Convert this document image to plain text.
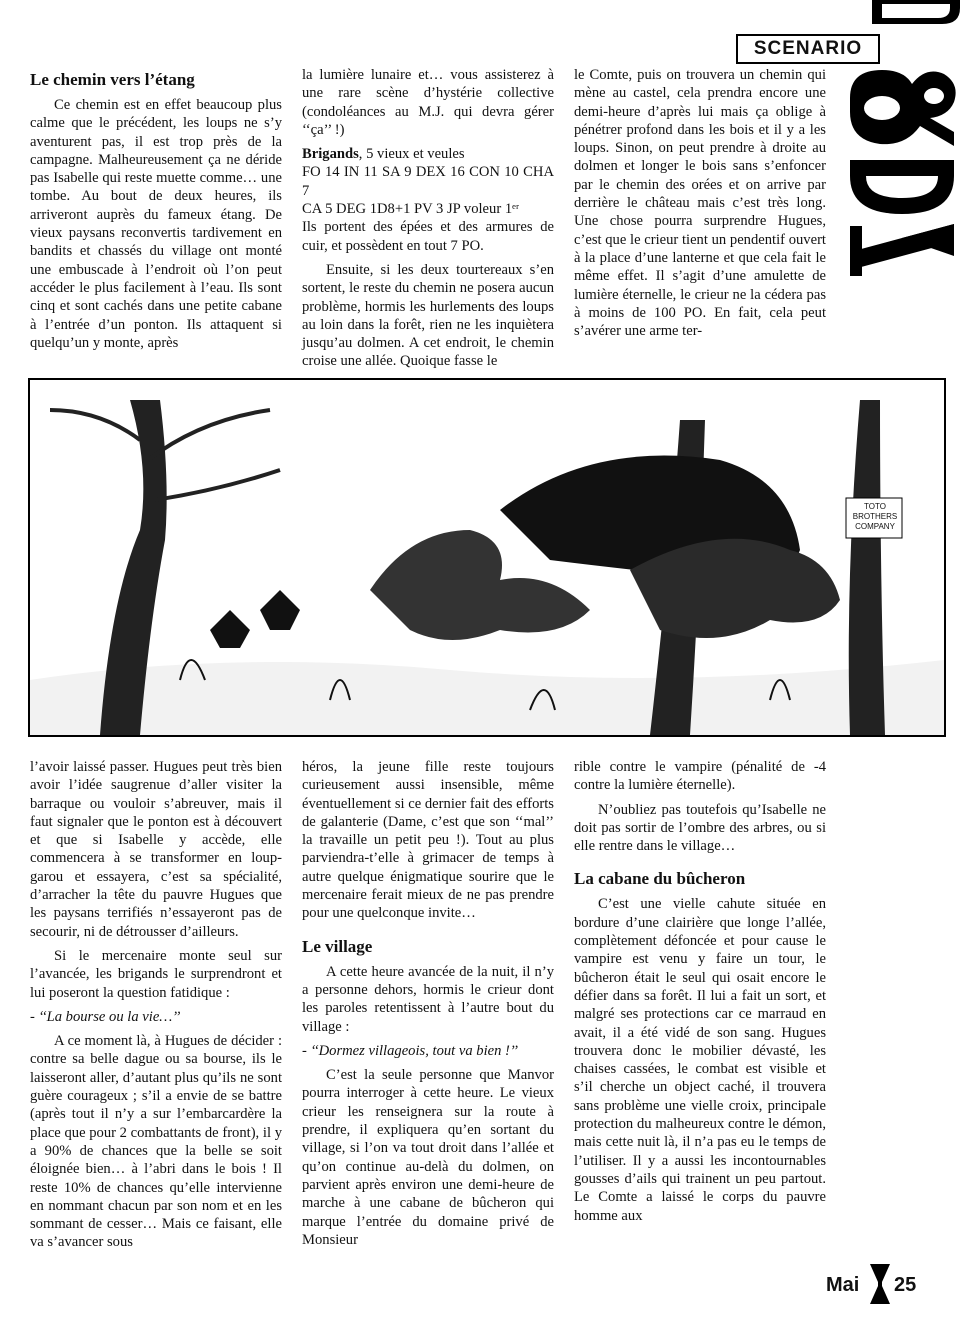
SCENARIO
Le chemin vers l’étang

Ce chemin est en effet beaucoup plus calme que le précédent, les loups ne s’y aventurent pas, il est trop près de la campagne. Malheureusement ça ne déride pas Isabelle qui reste muette comme… une tombe. Au bout de deux heures, ils arriveront auprès du fameux étang. De vieux paysans reconvertis tardivement en bandits et chassés du village ont monté une embuscade à l’endroit où l’on peut accéder le plus facilement à l’eau. Ils sont cinq et sont cachés dans une petite cabane à l’entrée d’un ponton. Ils attaquent si quelqu’un y monte, après

la lumière lunaire et… vous assisterez à une rare scène d’hystérie collective (condoléances au M.J. qui devra gérer ‘‘ça’’ !)

Brigands, 5 vieux et veules

FO 14 IN 11 SA 9 DEX 16 CON 10 CHA 7

CA 5 DEG 1D8+1 PV 3 JP voleur 1ᵉʳ

Ils portent des épées et des armures de cuir, et possèdent en tout 7 PO.

Ensuite, si les deux tourtereaux s’en sortent, le reste du chemin ne posera aucun problème, hormis les hurlements des loups au loin dans la forêt, rien ne les inquiètera jusqu’au dolmen. A cet endroit, le chemin croise une allée. Quoique fasse le

le Comte, puis on trouvera un chemin qui mène au castel, cela prendra encore une demi-heure d’après lui mais ça oblige à pénétrer profond dans les bois et il y a les loups. Sinon, on peut prendre à droite au dolmen et longer le bois sans s’enfoncer par le chemin des orées et on arrive par derrière le château mais c’est très long. Une chose pourra surprendre Hugues, c’est que le crieur tient un pendentif ouvert à la place d’une lanterne et que cela fait le même effet. Il s’agit d’une amulette de lumière éternelle, le crieur ne la cédera pas à moins de 100 PO. En fait, cela peut s’avérer une arme ter-

TOTO BROTHERS COMPANY

l’avoir laissé passer. Hugues peut très bien avoir l’idée saugrenue d’aller visiter la barraque ou vouloir s’abreuver, mais il faut signaler que le ponton est à découvert et que si Isabelle y accède, elle commencera à se transformer en loup-garou et essayera, c’est sa spécialité, d’arracher la tête du pauvre Hugues que les paysans terrifiés n’essayeront pas de secourir, ni de détrousser d’ailleurs.

Si le mercenaire monte seul sur l’avancée, les brigands le surprendront et lui poseront la question fatidique :

- ‘‘La bourse ou la vie…’’

A ce moment là, à Hugues de décider : contre sa belle dague ou sa bourse, ils le laisseront aller, d’autant plus qu’ils ne sont guère courageux ; s’il a envie de se battre (après tout il n’y a sur l’embarcardère la place que pour 2 combattants de front), il y a 90% de chances que la belle se soit éloignée bien… à l’abri dans le bois ! Il reste 10% de chances qu’elle intervienne en nommant chacun par son nom et en les sommant de cesser… Mais ce faisant, elle va s’avancer sous

héros, la jeune fille reste toujours curieusement aussi insensible, même éventuellement si ce dernier fait des efforts de galanterie (Dame, c’est que son ‘‘mal’’ la travaille un petit peu !). Tout au plus parviendra-t’elle à grimacer de temps à autre quelque énigmatique sourire que le mercenaire ferait mieux de ne pas prendre pour une quelconque invite…

Le village

A cette heure avancée de la nuit, il n’y a personne dehors, hormis le crieur dont les paroles retentissent à l’autre bout du village :

- ‘‘Dormez villageois, tout va bien !’’

C’est la seule personne que Manvor pourra interroger à cette heure. Le vieux crieur les renseignera sur la route à prendre, il expliquera qu’en sortant du village, si l’on va tout droit dans l’allée et qu’on continue au-delà du dolmen, on parvient après environ une demi-heure de marche à une cabane de bûcheron qui marque l’entrée du domaine privé de Monsieur

rible contre le vampire (pénalité de -4 contre la lumière éternelle).

N’oubliez pas toutefois qu’Isabelle ne doit pas sortir de l’ombre des arbres, ou si elle rentre dans le village…

La cabane du bûcheron

C’est une vielle cahute située en bordure d’une clairière que longe l’allée, complètement défoncée et pour cause le vampire est venu y faire un tour, le bûcheron était le seul qui osait encore le défier dans sa forêt. Il lui a fait un sort, et malgré ses protections car ce marraud en avait, il a été vidé de son sang. Hugues trouvera donc le mobilier dévasté, les chaises cassées, le combat est visible et s’il cherche un object caché, il trouvera sans problème une vielle croix, principale protection du malheureux contre le démon, mais cette nuit là, il n’a pas eu le temps de l’utiliser. Il y a aussi les incontournables gousses d’ails qui trainent un peu partout. Le Comte a laissé le corps du pauvre homme aux

Mai 25
